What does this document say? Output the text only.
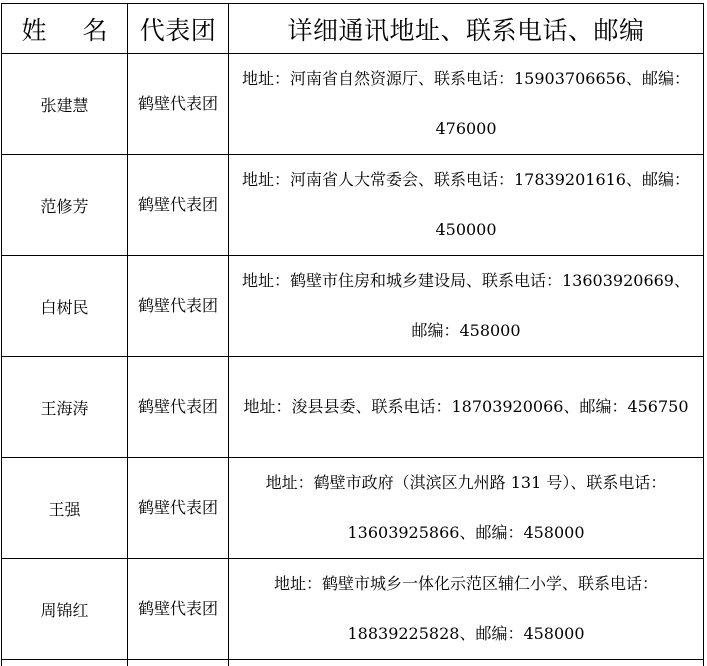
姓 名	代表团	详细通讯地址、联系电话、邮编
张建慧	鹤壁代表团	地址：河南省自然资源厅、联系电话：15903706656、邮编：
476000

范修芳	鹤壁代表团	地址：河南省人大常委会、联系电话：17839201616、邮编：
450000

白树民	鹤壁代表团	地址：鹤壁市住房和城乡建设局、联系电话：13603920669、
邮编：458000

王海涛	鹤壁代表团	地址：浚县县委、联系电话：18703920066、邮编：456750

王强	鹤壁代表团	地址：鹤壁市政府（淇滨区九州路 131 号）、联系电话：
13603925866、邮编：458000

周锦红	鹤壁代表团	地址：鹤壁市城乡一体化示范区辅仁小学、联系电话：
18839225828、邮编：458000
